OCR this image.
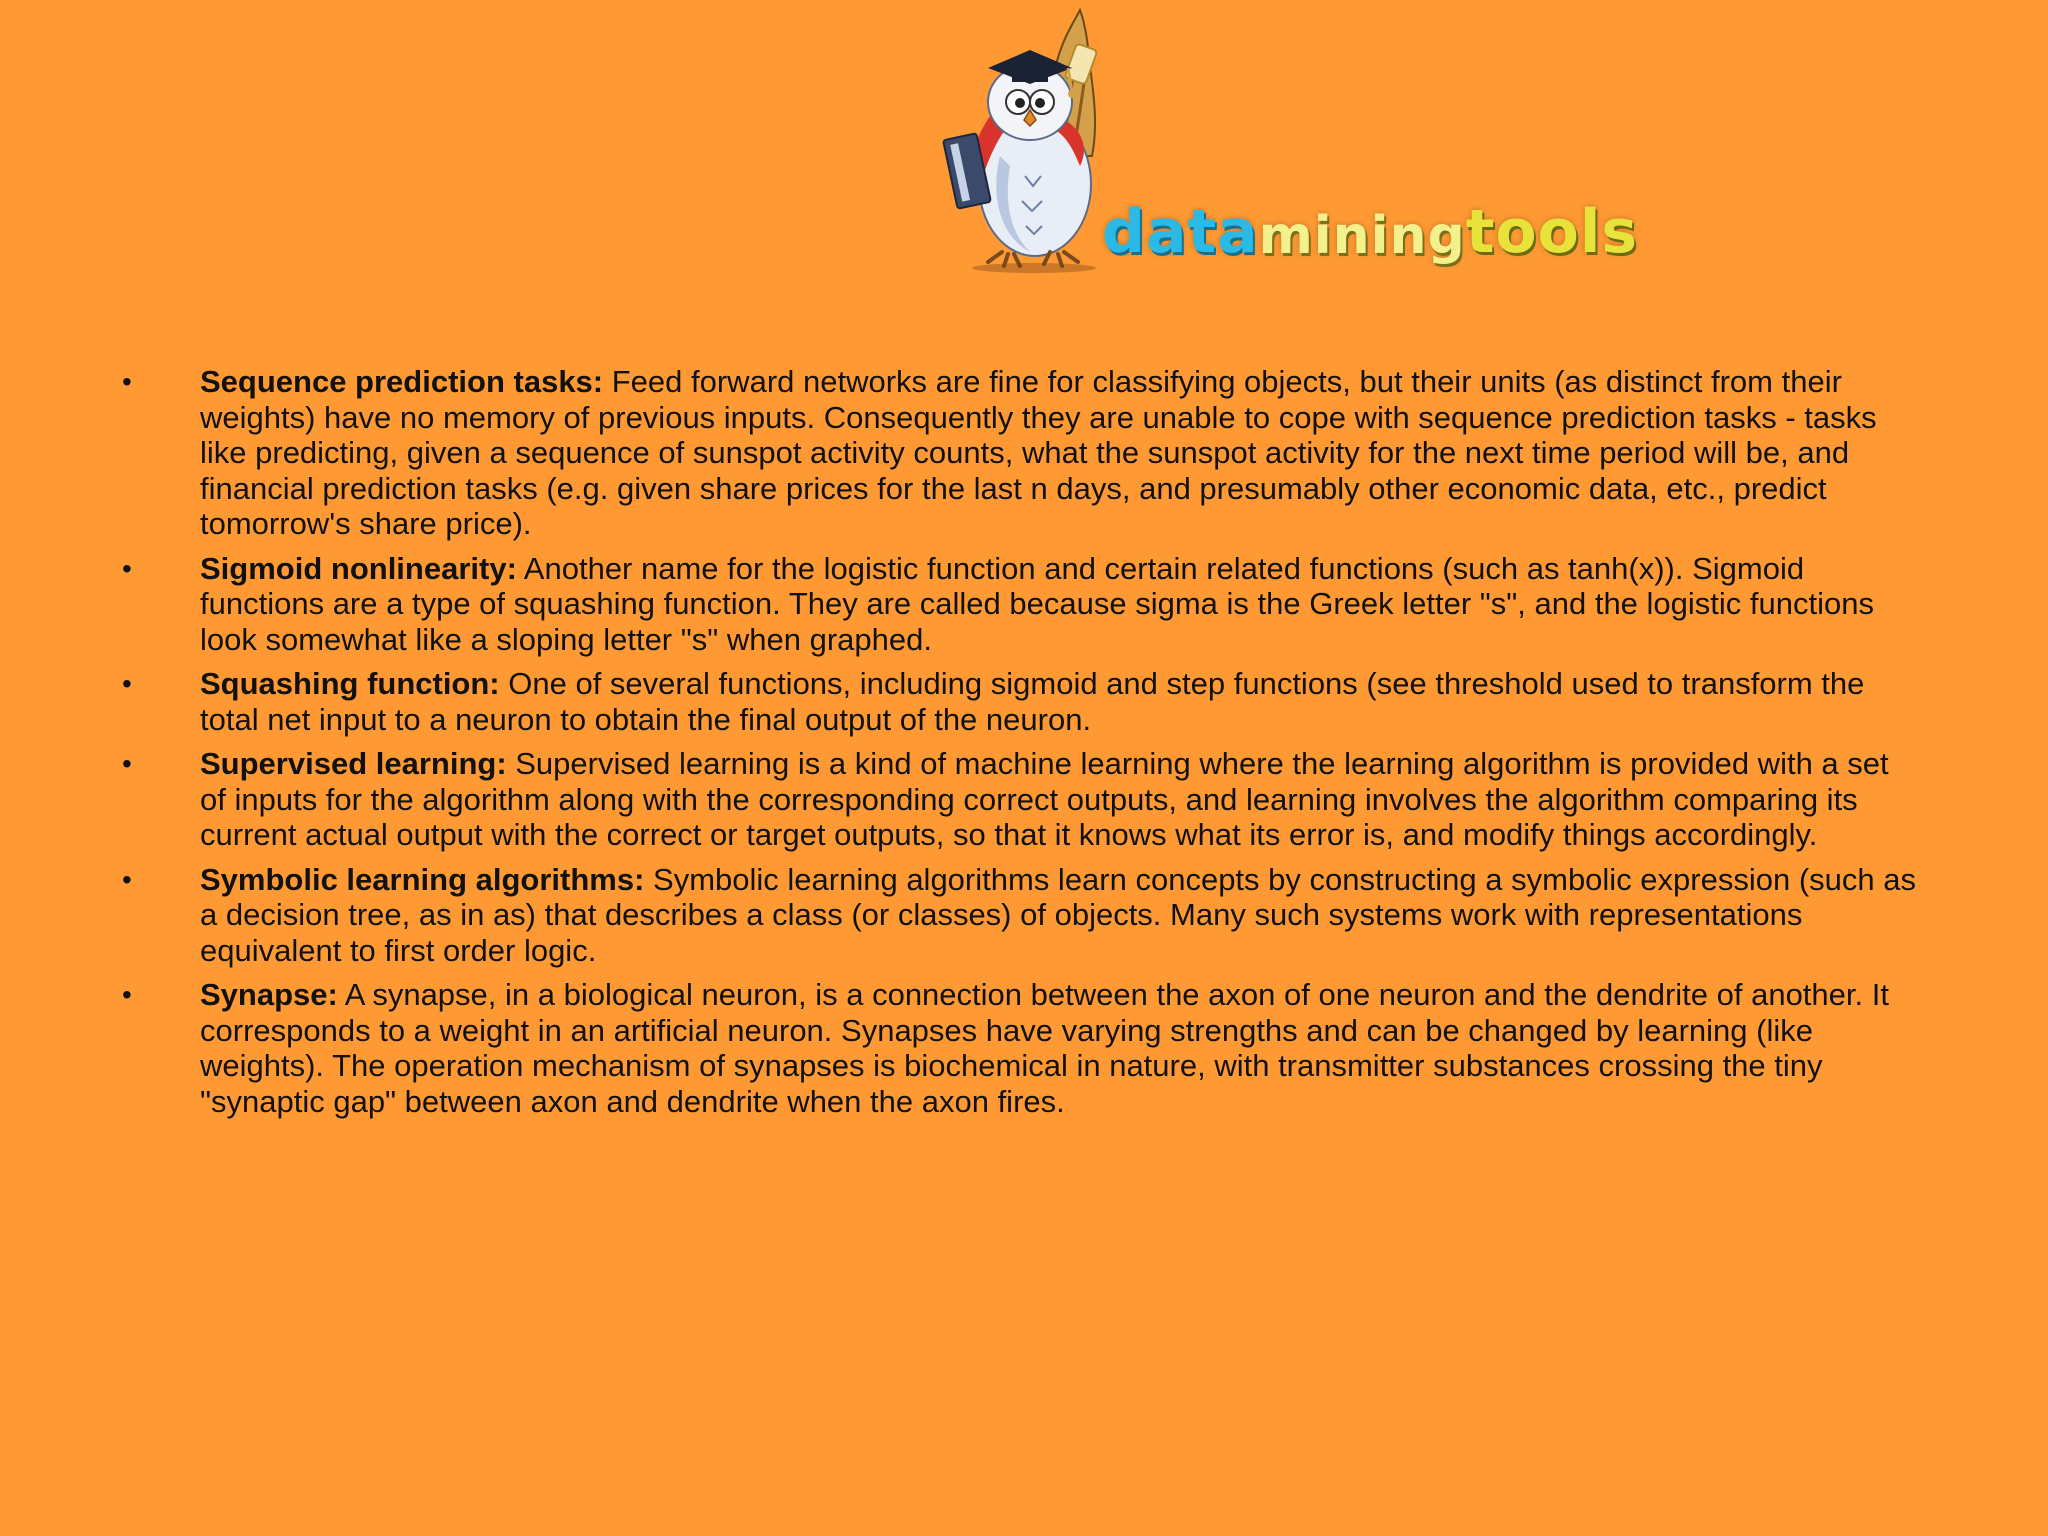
data mining tools
• Sequence prediction tasks: Feed forward networks are fine for classifying objects, but their units (as distinct from their weights) have no memory of previous inputs. Consequently they are unable to cope with sequence prediction tasks - tasks like predicting, given a sequence of sunspot activity counts, what the sunspot activity for the next time period will be, and financial prediction tasks (e.g. given share prices for the last n days, and presumably other economic data, etc., predict tomorrow's share price).
• Sigmoid nonlinearity: Another name for the logistic function and certain related functions (such as tanh(x)). Sigmoid functions are a type of squashing function. They are called because sigma is the Greek letter "s", and the logistic functions look somewhat like a sloping letter "s" when graphed.
• Squashing function: One of several functions, including sigmoid and step functions (see threshold used to transform the total net input to a neuron to obtain the final output of the neuron.
• Supervised learning: Supervised learning is a kind of machine learning where the learning algorithm is provided with a set of inputs for the algorithm along with the corresponding correct outputs, and learning involves the algorithm comparing its current actual output with the correct or target outputs, so that it knows what its error is, and modify things accordingly.
• Symbolic learning algorithms: Symbolic learning algorithms learn concepts by constructing a symbolic expression (such as a decision tree, as in as) that describes a class (or classes) of objects. Many such systems work with representations equivalent to first order logic.
• Synapse: A synapse, in a biological neuron, is a connection between the axon of one neuron and the dendrite of another. It corresponds to a weight in an artificial neuron. Synapses have varying strengths and can be changed by learning (like weights). The operation mechanism of synapses is biochemical in nature, with transmitter substances crossing the tiny "synaptic gap" between axon and dendrite when the axon fires.
